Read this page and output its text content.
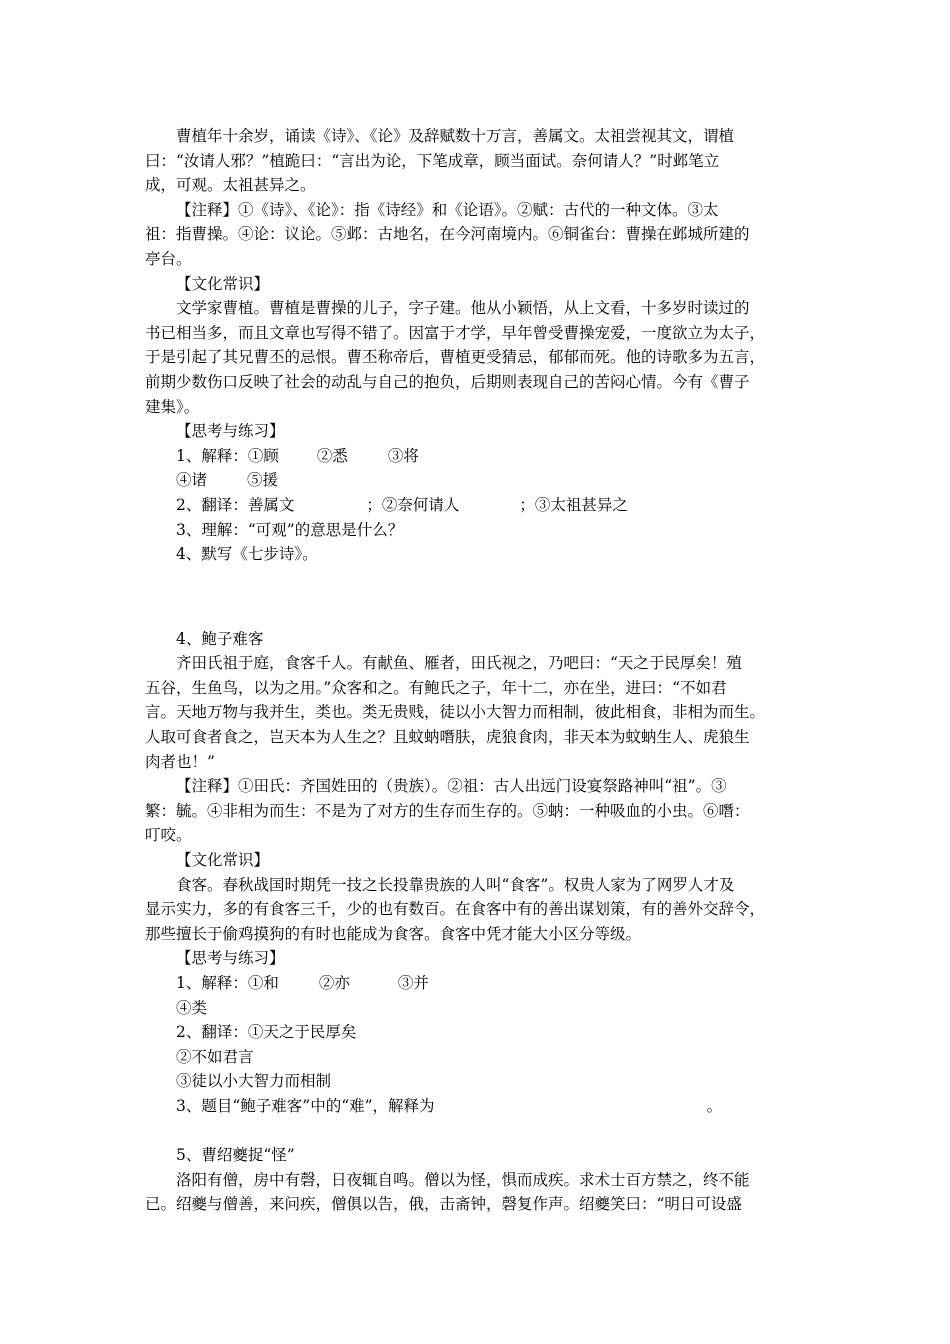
曹植年十余岁，诵读《诗》、《论》及辞赋数十万言，善属文。太祖尝视其文，谓植
曰：“汝请人邪？”植跪曰：“言出为论，下笔成章，顾当面试。奈何请人？”时邺笔立
成，可观。太祖甚异之。
【注释】①《诗》、《论》：指《诗经》和《论语》。②赋：古代的一种文体。③太
祖：指曹操。④论：议论。⑤邺：古地名，在今河南境内。⑥铜雀台：曹操在邺城所建的
亭台。
【文化常识】
文学家曹植。曹植是曹操的儿子，字子建。他从小颖悟，从上文看，十多岁时读过的
书已相当多，而且文章也写得不错了。因富于才学，早年曾受曹操宠爱，一度欲立为太子，
于是引起了其兄曹丕的忌恨。曹丕称帝后，曹植更受猜忌，郁郁而死。他的诗歌多为五言，
前期少数伤口反映了社会的动乱与自己的抱负，后期则表现自己的苦闷心情。今有《曹子
建集》。
【思考与练习】
1、解释：①顾 ②悉	③将
④诸	⑤援
2、翻译：善属文	；②奈何请人	；③太祖甚异之
3、理解：“可观”的意思是什么？
4、默写《七步诗》。
4、鲍子难客
齐田氏祖于庭，食客千人。有献鱼、雁者，田氏视之，乃吧曰：“天之于民厚矣！殖
五谷，生鱼鸟，以为之用。”众客和之。有鲍氏之子，年十二，亦在坐，进曰：“不如君
言。天地万物与我并生，类也。类无贵贱，徒以小大智力而相制，彼此相食，非相为而生。
人取可食者食之，岂天本为人生之？且蚊蚋噆肤，虎狼食肉，非天本为蚊蚋生人、虎狼生
肉者也！”
【注释】①田氏：齐国姓田的（贵族）。②祖：古人出远门设宴祭路神叫“祖”。③
繁：毓。④非相为而生：不是为了对方的生存而生存的。⑤蚋：一种吸血的小虫。⑥噆：
叮咬。
【文化常识】
食客。春秋战国时期凭一技之长投靠贵族的人叫“食客”。权贵人家为了网罗人才及
显示实力，多的有食客三千，少的也有数百。在食客中有的善出谋划策，有的善外交辞令，
那些擅长于偷鸡摸狗的有时也能成为食客。食客中凭才能大小区分等级。
【思考与练习】
1、解释：①和	②亦	③并
④类
2、翻译：①天之于民厚矣
②不如君言
③徒以小大智力而相制
3、题目“鲍子难客”中的“难”，解释为	。
5、曹绍夔捉“怪”
洛阳有僧，房中有磬，日夜辄自鸣。僧以为怪，惧而成疾。求术士百方禁之，终不能
已。绍夔与僧善，来问疾，僧俱以告，俄，击斋钟，磬复作声。绍夔笑曰：“明日可设盛
